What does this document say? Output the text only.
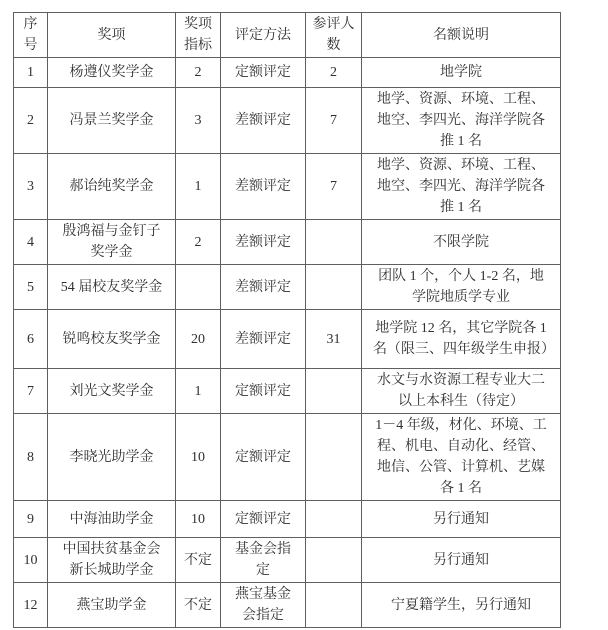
序号	奖项	奖项指标	评定方法	参评人数	名额说明
1	杨遵仪奖学金	2	定额评定	2	地学院
2	冯景兰奖学金	3	差额评定	7	地学、资源、环境、工程、地空、李四光、海洋学院各推 1 名
3	郝诒纯奖学金	1	差额评定	7	地学、资源、环境、工程、地空、李四光、海洋学院各推 1 名
4	殷鸿福与金钉子奖学金	2	差额评定		不限学院
5	54 届校友奖学金		差额评定		团队 1 个，个人 1-2 名，地学院地质学专业
6	锐鸣校友奖学金	20	差额评定	31	地学院 12 名，其它学院各 1 名（限三、四年级学生申报）
7	刘光文奖学金	1	定额评定		水文与水资源工程专业大二以上本科生（待定）
8	李晓光助学金	10	定额评定		1－4 年级，材化、环境、工程、机电、自动化、经管、地信、公管、计算机、艺媒各 1 名
9	中海油助学金	10	定额评定		另行通知
10	中国扶贫基金会新长城助学金	不定	基金会指定		另行通知
12	燕宝助学金	不定	燕宝基金会指定		宁夏籍学生，另行通知
